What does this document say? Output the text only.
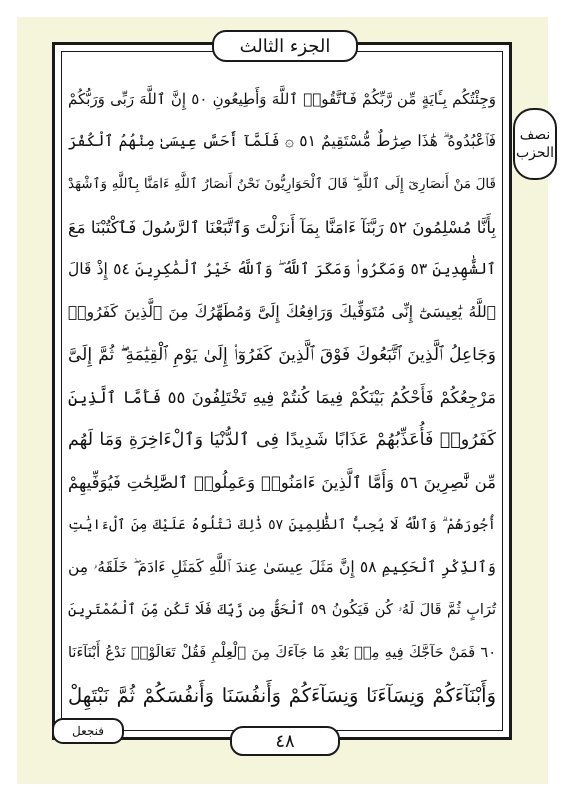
الجزء الثالث
نصف الحزب
وَجِئْتُكُم بِـَٔايَةٍ مِّن رَّبِّكُمْ فَٱتَّقُوا۟ ٱللَّهَ وَأَطِيعُونِ ٥٠ إِنَّ ٱللَّهَ رَبِّى وَرَبُّكُمْ
فَٱعْبُدُوهُ ۗ هَٰذَا صِرَٰطٌ مُّسْتَقِيمٌ ٥١ ۞ فَلَمَّآ أَحَسَّ عِيسَىٰ مِنْهُمُ ٱلْكُفْرَ
قَالَ مَنْ أَنصَارِىٓ إِلَى ٱللَّهِ ۖ قَالَ ٱلْحَوَارِيُّونَ نَحْنُ أَنصَارُ ٱللَّهِ ءَامَنَّا بِٱللَّهِ وَٱشْهَدْ
بِأَنَّا مُسْلِمُونَ ٥٢ رَبَّنَآ ءَامَنَّا بِمَآ أَنزَلْتَ وَٱتَّبَعْنَا ٱلرَّسُولَ فَٱكْتُبْنَا مَعَ
ٱلشَّٰهِدِينَ ٥٣ وَمَكَرُوا۟ وَمَكَرَ ٱللَّهُ ۖ وَٱللَّهُ خَيْرُ ٱلْمَٰكِرِينَ ٥٤ إِذْ قَالَ
ٱللَّهُ يَٰعِيسَىٰٓ إِنِّى مُتَوَفِّيكَ وَرَافِعُكَ إِلَىَّ وَمُطَهِّرُكَ مِنَ ٱلَّذِينَ كَفَرُوا۟
وَجَاعِلُ ٱلَّذِينَ ٱتَّبَعُوكَ فَوْقَ ٱلَّذِينَ كَفَرُوٓا۟ إِلَىٰ يَوْمِ ٱلْقِيَٰمَةِ ۖ ثُمَّ إِلَىَّ
مَرْجِعُكُمْ فَأَحْكُمُ بَيْنَكُمْ فِيمَا كُنتُمْ فِيهِ تَخْتَلِفُونَ ٥٥ فَأَمَّا ٱلَّذِينَ
كَفَرُوا۟ فَأُعَذِّبُهُمْ عَذَابًا شَدِيدًا فِى ٱلدُّنْيَا وَٱلْءَاخِرَةِ وَمَا لَهُم
مِّن نَّٰصِرِينَ ٥٦ وَأَمَّا ٱلَّذِينَ ءَامَنُوا۟ وَعَمِلُوا۟ ٱلصَّٰلِحَٰتِ فَيُوَفِّيهِمْ
أُجُورَهُمْ ۗ وَٱللَّهُ لَا يُحِبُّ ٱلظَّٰلِمِينَ ٥٧ ذَٰلِكَ نَتْلُوهُ عَلَيْكَ مِنَ ٱلْءَايَٰتِ
وَٱلذِّكْرِ ٱلْحَكِيمِ ٥٨ إِنَّ مَثَلَ عِيسَىٰ عِندَ ٱللَّهِ كَمَثَلِ ءَادَمَ ۖ خَلَقَهُۥ مِن
تُرَابٍ ثُمَّ قَالَ لَهُۥ كُن فَيَكُونُ ٥٩ ٱلْحَقُّ مِن رَّبِّكَ فَلَا تَكُن مِّنَ ٱلْمُمْتَرِينَ
٦٠ فَمَنْ حَآجَّكَ فِيهِ مِنۢ بَعْدِ مَا جَآءَكَ مِنَ ٱلْعِلْمِ فَقُلْ تَعَالَوْا۟ نَدْعُ أَبْنَآءَنَا
وَأَبْنَآءَكُمْ وَنِسَآءَنَا وَنِسَآءَكُمْ وَأَنفُسَنَا وَأَنفُسَكُمْ ثُمَّ نَبْتَهِلْ
فنجعل	٤٨
